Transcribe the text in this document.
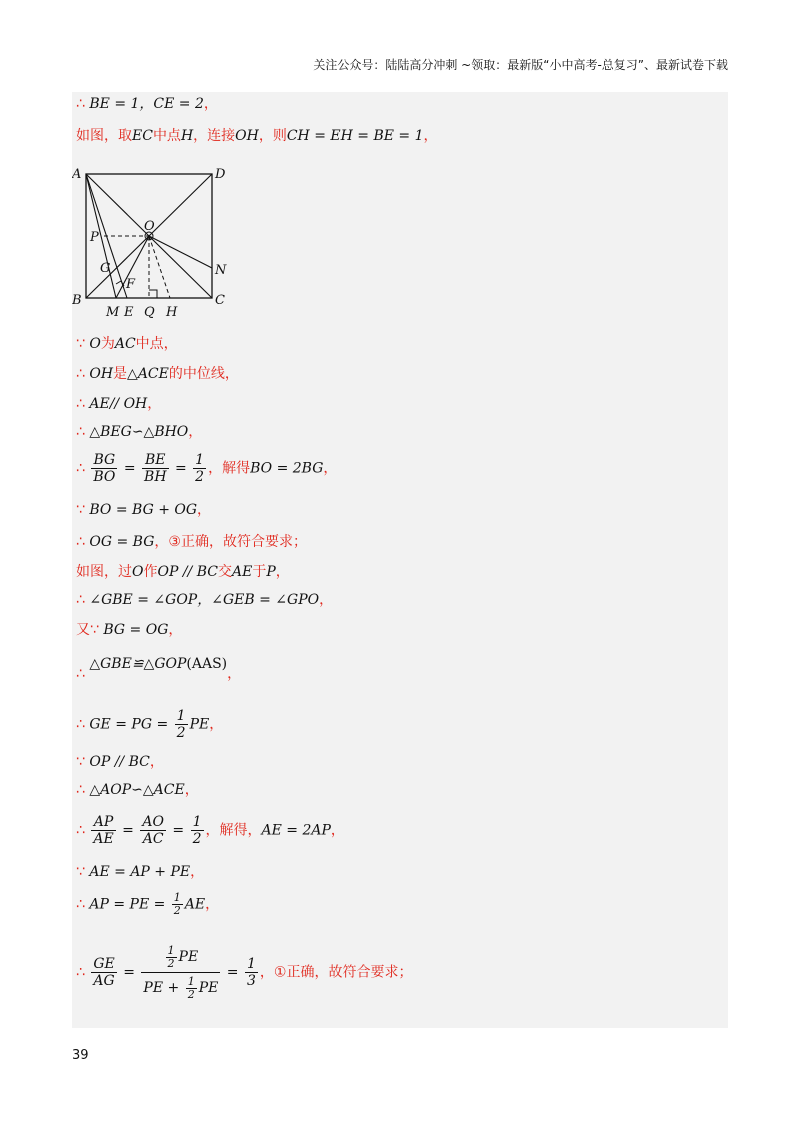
关注公众号：陆陆高分冲刺 ~领取：最新版“小中高考-总复习”、最新试卷下载
∴ BE = 1，CE = 2，
如图，取EC中点H，连接OH，则CH = EH = BE = 1，
A	D
B	C
O
P
G
F
N
M E Q H
∵ O为AC中点，
∴ OH是△ACE的中位线，
∴ AE// OH，
∴ △BEG∽△BHO，
∴ $\frac{BG}{BO} = \frac{BE}{BH} = \frac{1}{2}$ ，解得BO = 2BG，
∵ BO = BG + OG，
∴ OG = BG，③正确，故符合要求；
如图，过O作OP // BC交AE于P，
∴ ∠GBE = ∠GOP，∠GEB = ∠GPO，
又∵ BG = OG，
∴ △GBE≌△GOP(AAS)，
∴ GE = PG = $\frac{1}{2}$ PE，
∵ OP // BC，
∴ △AOP∽△ACE，
∴ $\frac{AP}{AE} = \frac{AO}{AC} = \frac{1}{2}$ ，解得，AE = 2AP，
∵ AE = AP + PE，
∴ AP = PE = $\frac{1}{2}$ AE，
∴ $\frac{GE}{AG} = \frac{\frac{1}{2} PE}{PE + \frac{1}{2} PE} = \frac{1}{3}$ ，①正确，故符合要求；
39
